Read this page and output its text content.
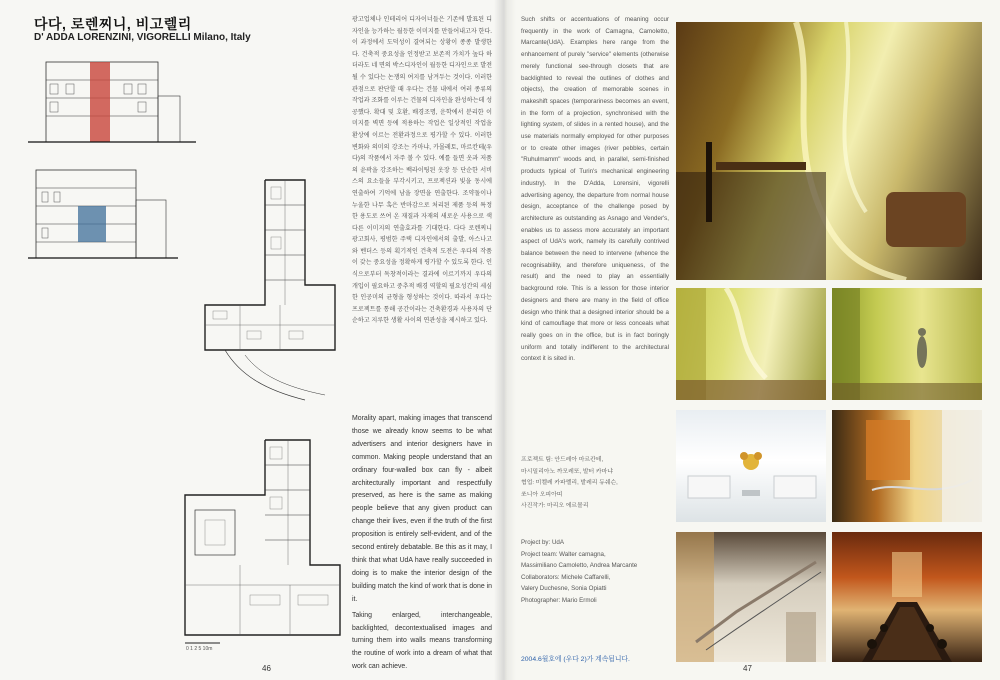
다다, 로렌찌니, 비고렐리
D' ADDA LORENZINI, VIGORELLI Milano, Italy
0 1 2 5 10m

광고업체나 인테리어 디자이너들은 기존에 발표된 디자인을 능가하는 월등한 이미지를 만들어내고자 한다. 이 과정에서 도덕성이 결여되는 상황이 종종 발생한다. 건축적 중요성을 인정받고 보존적 가치가 높다 하더라도 네 면의 박스디자인이 월등한 디자인으로 발전될 수 있다는 논쟁의 여지를 남겨두는 것이다. 이러한 관점으로 판단할 때 우다는 건물 내에서 여러 종류의 작업과 조화를 이루는 건물의 디자인을 완성하는데 성공했다. 확대 및 호환, 배경조명, 운학에서 분리한 이미지를 벽면 등에 적용하는 작업은 일상적인 작업을 환상에 이르는 전환과정으로 평가할 수 있다. 이러한 변화와 의미의 강조는 카마냐, 카몰레토, 마르칸테(우다)의 작품에서 자주 볼 수 있다. 예를 들면 옷과 저품의 윤곽을 강조하는 백라이팅된 옷장 등 단순한 서비스의 요소들을 부각시키고, 프로젝션과 빛을 동시에 연출하여 기억에 남을 장면을 연출한다. 조약돌이나 누울한 나무 혹은 반마감으로 처리된 제품 등의 특정한 용도로 쓰여 온 재질과 자재의 새로운 사용으로 색다른 이미지의 연출효과를 기대한다. 다다 로렌찌니 광고회사, 평범한 주택 디자인에서의 출발, 아스나고와 벤더스 등의 획기적인 건축적 도전은 우다의 작품이 갖는 중요성을 정확하게 평가할 수 있도록 한다. 인식으로부터 독창적이라는 결과에 이르기까지 우다의 개입이 필요하고 중추적 배경 역할의 필요성간의 세심한 인공미의 균형을 형성하는 것이다. 따라서 우다는 프로젝트를 통해 공간이라는 건축환경과 사용자의 단순하고 지루한 생활 사이의 연관성을 제시하고 있다.

Morality apart, making images that transcend those we already know seems to be what advertisers and interior designers have in common. Making people understand that an ordinary four-walled box can fly - albeit architecturally important and respectfully preserved, as here is the same as making people believe that any given product can change their lives, even if the truth of the first proposition is entirely self-evident, and of the second entirely debatable. Be this as it may, I think that what UdA have really succeeded in doing is to make the interior design of the building match the kind of work that is done in it.

Taking enlarged, interchangeable, backlighted, decontextualised images and turning them into walls means transforming the routine of work into a dream of what that work can achieve.

46

Such shifts or accentuations of meaning occur frequently in the work of Camagna, Camoletto, Marcante(UdA). Examples here range from the enhancement of purely "service" elements (otherwise merely functional see-through closets that are backlighted to reveal the outlines of clothes and objects), the creation of memorable scenes in makeshift spaces (temporariness becomes an event, in the form of a projection, synchronised with the lighting system, of slides in a rented house), and the use materials normally employed for other purposes or to create other images (river pebbles, certain "Ruhulmamm" woods and, in parallel, semi-finished products typical of Turin's mechanical engineering industry). In the D'Adda, Lorensini, vigorelli advertising agency, the departure from normal house design, acceptance of the challenge posed by architecture as outstanding as Asnago and Vender's, enables us to assess more accurately an important aspect of UdA's work, namely its carefully contrived balance between the need to intervene (whence the recognisability, and therefore uniqueness, of the result) and the need to play an essentially background role. This is a lesson for those interior designers and there are many in the field of office design who think that a designed interior should be a kind of camouflage that more or less conceals what really goes on in the office, but is in fact boringly uniform and totally indifferent to the architectural context it is sited in.

프로젝트 팀: 안드레아 마르칸테,
마시밀리아노 까모레또, 발터 카마냐
협업: 미켈레 카파렐리, 발레리 듀쉐슨,
쏘니아 오피아띠
사진작가: 마리오 에르몰리
Project by: UdA
Project team: Walter camagna,
Massimiliano Camoletto, Andrea Marcante
Collaborators: Michele Caffarelli,
Valery Duchesne, Sonia Opiatti
Photographer: Mario Ermoli
2004.6월호에 (우다 2)가 계속됩니다.
47
